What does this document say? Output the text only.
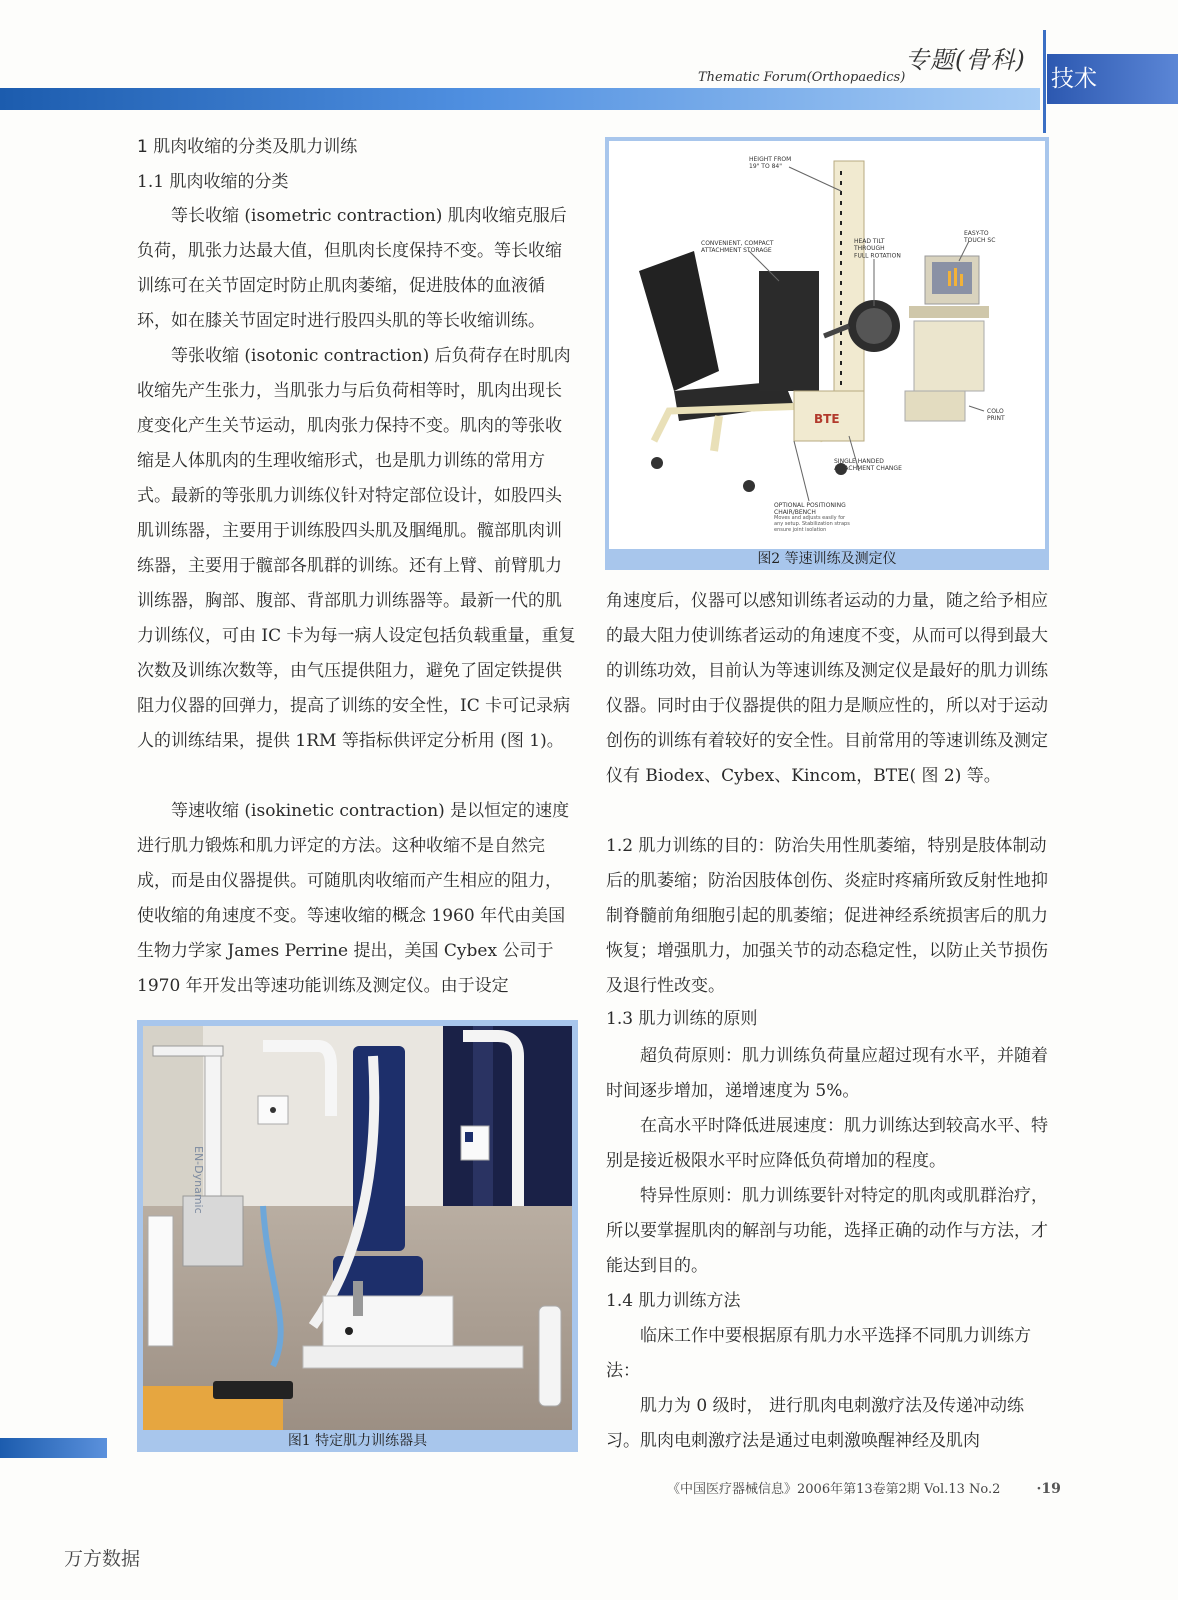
专题(骨科)
Thematic Forum(Orthopaedics)	技术
1 肌肉收缩的分类及肌力训练
1.1 肌肉收缩的分类

等长收缩 (isometric contraction) 肌肉收缩克服后负荷，肌张力达最大值，但肌肉长度保持不变。等长收缩训练可在关节固定时防止肌肉萎缩，促进肢体的血液循环，如在膝关节固定时进行股四头肌的等长收缩训练。

等张收缩 (isotonic contraction) 后负荷存在时肌肉收缩先产生张力，当肌张力与后负荷相等时，肌肉出现长度变化产生关节运动，肌肉张力保持不变。肌肉的等张收缩是人体肌肉的生理收缩形式，也是肌力训练的常用方式。最新的等张肌力训练仪针对特定部位设计，如股四头肌训练器，主要用于训练股四头肌及腘绳肌。髋部肌肉训练器，主要用于髋部各肌群的训练。还有上臂、前臂肌力训练器，胸部、腹部、背部肌力训练器等。最新一代的肌力训练仪，可由 IC 卡为每一病人设定包括负载重量，重复次数及训练次数等，由气压提供阻力，避免了固定铁提供阻力仪器的回弹力，提高了训练的安全性，IC 卡可记录病人的训练结果，提供 1RM 等指标供评定分析用 (图 1)。

等速收缩 (isokinetic contraction) 是以恒定的速度进行肌力锻炼和肌力评定的方法。这种收缩不是自然完成，而是由仪器提供。可随肌肉收缩而产生相应的阻力，使收缩的角速度不变。等速收缩的概念 1960 年代由美国生物力学家 James Perrine 提出，美国 Cybex 公司于 1970 年开发出等速功能训练及测定仪。由于设定

EN-Dynamic
图1 特定肌力训练器具
BTE
HEIGHT FROM 19" TO 84"
CONVENIENT, COMPACT ATTACHMENT STORAGE
HEAD TILT THROUGH FULL ROTATION
EASY-TO TOUCH SC
COLO PRINT
SINGLE HANDED ATTACHMENT CHANGE
OPTIONAL POSITIONING CHAIR/BENCH
Moves and adjusts easily for any setup. Stabilization straps ensure joint isolation
图2 等速训练及测定仪

角速度后，仪器可以感知训练者运动的力量，随之给予相应的最大阻力使训练者运动的角速度不变，从而可以得到最大的训练功效，目前认为等速训练及测定仪是最好的肌力训练仪器。同时由于仪器提供的阻力是顺应性的，所以对于运动创伤的训练有着较好的安全性。目前常用的等速训练及测定仪有 Biodex、Cybex、Kincom，BTE( 图 2) 等。

1.2 肌力训练的目的：防治失用性肌萎缩，特别是肢体制动后的肌萎缩；防治因肢体创伤、炎症时疼痛所致反射性地抑制脊髓前角细胞引起的肌萎缩；促进神经系统损害后的肌力恢复；增强肌力，加强关节的动态稳定性，以防止关节损伤及退行性改变。

1.3 肌力训练的原则

超负荷原则：肌力训练负荷量应超过现有水平，并随着时间逐步增加，递增速度为 5%。

在高水平时降低进展速度：肌力训练达到较高水平、特别是接近极限水平时应降低负荷增加的程度。

特异性原则：肌力训练要针对特定的肌肉或肌群治疗，所以要掌握肌肉的解剖与功能，选择正确的动作与方法，才能达到目的。

1.4 肌力训练方法

临床工作中要根据原有肌力水平选择不同肌力训练方法：

肌力为 0 级时， 进行肌肉电刺激疗法及传递冲动练习。肌肉电刺激疗法是通过电刺激唤醒神经及肌肉

《中国医疗器械信息》2006年第13卷第2期 Vol.13 No.2	·19
万方数据
